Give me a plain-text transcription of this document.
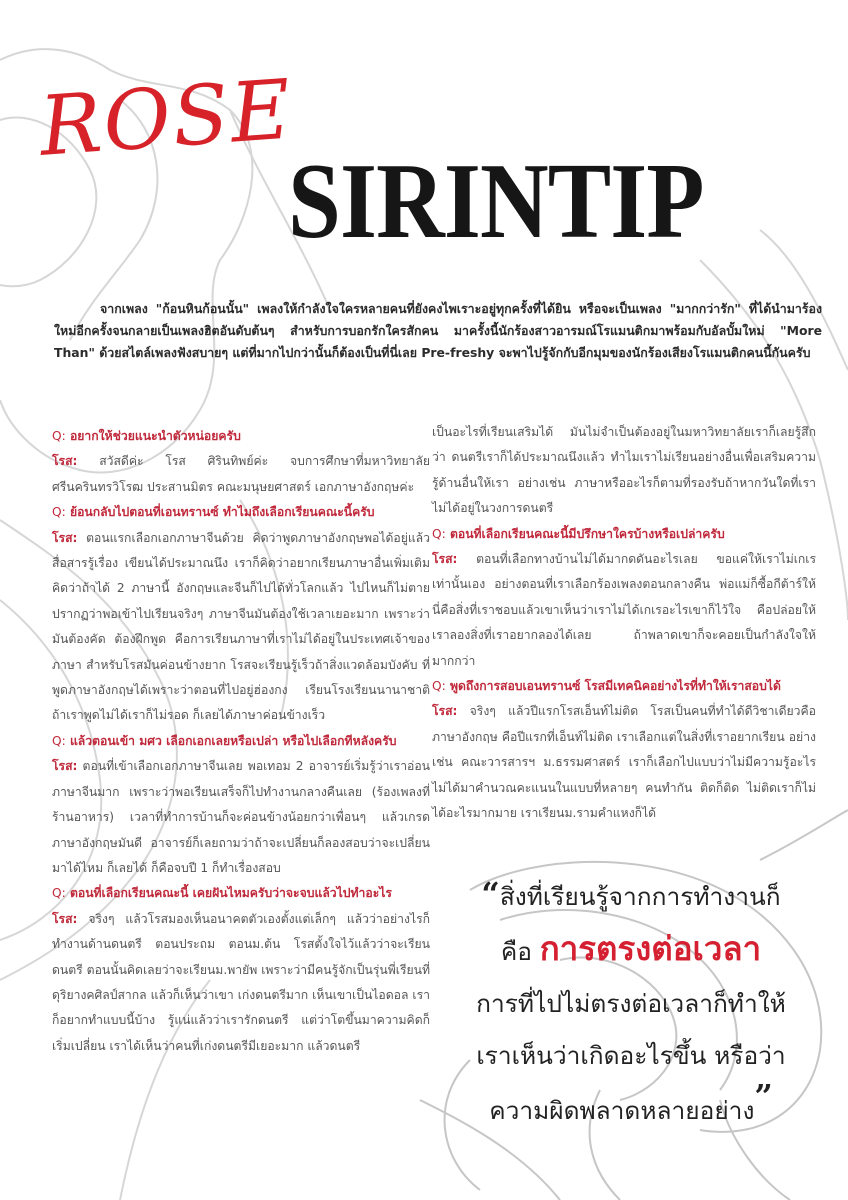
ROSE
SIRINTIP

จากเพลง "ก้อนหินก้อนนั้น" เพลงให้กำลังใจใครหลายคนที่ยังคงไพเราะอยู่ทุกครั้งที่ได้ยิน หรือจะเป็นเพลง "มากกว่ารัก" ที่ได้นำมาร้องใหม่อีกครั้งจนกลายเป็นเพลงฮิตอันดับต้นๆ สำหรับการบอกรักใครสักคน มาครั้งนี้นักร้องสาวอารมณ์โรแมนติกมาพร้อมกับอัลบั้มใหม่ "More Than" ด้วยสไตล์เพลงฟังสบายๆ แต่ที่มากไปกว่านั้นก็ต้องเป็นที่นี่เลย Pre-freshy จะพาไปรู้จักกับอีกมุมของนักร้องเสียงโรแมนติกคนนี้กันครับ

Q: อยากให้ช่วยแนะนำตัวหน่อยครับ
โรส: สวัสดีค่ะ โรส ศิรินทิพย์ค่ะ จบการศึกษาที่มหาวิทยาลัยศรีนครินทรวิโรฒ ประสานมิตร คณะมนุษยศาสตร์ เอกภาษาอังกฤษค่ะ
Q: ย้อนกลับไปตอนที่เอนทรานซ์ ทำไมถึงเลือกเรียนคณะนี้ครับ
โรส: ตอนแรกเลือกเอกภาษาจีนด้วย คิดว่าพูดภาษาอังกฤษพอได้อยู่แล้ว สื่อสารรู้เรื่อง เขียนได้ประมาณนึง เราก็คิดว่าอยากเรียนภาษาอื่นเพิ่มเติม คิดว่าถ้าได้ 2 ภาษานี้ อังกฤษและจีนก็ไปได้ทั่วโลกแล้ว ไปไหนก็ไม่ตาย ปรากฏว่าพอเข้าไปเรียนจริงๆ ภาษาจีนมันต้องใช้เวลาเยอะมาก เพราะว่ามันต้องคัด ต้องฝึกพูด คือการเรียนภาษาที่เราไม่ได้อยู่ในประเทศเจ้าของภาษา สำหรับโรสมันค่อนข้างยาก โรสจะเรียนรู้เร็วถ้าสิ่งแวดล้อมบังคับ ที่พูดภาษาอังกฤษได้เพราะว่าตอนที่ไปอยู่ฮ่องกง เรียนโรงเรียนนานาชาติ ถ้าเราพูดไม่ได้เราก็ไม่รอด ก็เลยได้ภาษาค่อนข้างเร็ว
Q: แล้วตอนเข้า มศว เลือกเอกเลยหรือเปล่า หรือไปเลือกทีหลังครับ
โรส: ตอนที่เข้าเลือกเอกภาษาจีนเลย พอเทอม 2 อาจารย์เริ่มรู้ว่าเราอ่อนภาษาจีนมาก เพราะว่าพอเรียนเสร็จก็ไปทำงานกลางคืนเลย (ร้องเพลงที่ร้านอาหาร) เวลาที่ทำการบ้านก็จะค่อนข้างน้อยกว่าเพื่อนๆ แล้วเกรดภาษาอังกฤษมันดี อาจารย์ก็เลยถามว่าถ้าจะเปลี่ยนก็ลองสอบว่าจะเปลี่ยนมาได้ไหม ก็เลยได้ ก็คือจบปี 1 ก็ทำเรื่องสอบ
Q: ตอนที่เลือกเรียนคณะนี้ เคยฝันไหมครับว่าจะจบแล้วไปทำอะไร
โรส: จริงๆ แล้วโรสมองเห็นอนาคตตัวเองตั้งแต่เล็กๆ แล้วว่าอย่างไรก็ทำงานด้านดนตรี ตอนประถม ตอนม.ต้น โรสตั้งใจไว้แล้วว่าจะเรียนดนตรี ตอนนั้นคิดเลยว่าจะเรียนม.พายัพ เพราะว่ามีคนรู้จักเป็นรุ่นพี่เรียนที่ดุริยางคศิลป์สากล แล้วก็เห็นว่าเขา เก่งดนตรีมาก เห็นเขาเป็นไอดอล เราก็อยากทำแบบนี้บ้าง รู้แน่แล้วว่าเรารักดนตรี แต่ว่าโตขึ้นมาความคิดก็เริ่มเปลี่ยน เราได้เห็นว่าคนที่เก่งดนตรีมีเยอะมาก แล้วดนตรี
เป็นอะไรที่เรียนเสริมได้ มันไม่จำเป็นต้องอยู่ในมหาวิทยาลัยเราก็เลยรู้สึกว่า ดนตรีเราก็ได้ประมาณนึงแล้ว ทำไมเราไม่เรียนอย่างอื่นเพื่อเสริมความรู้ด้านอื่นให้เรา อย่างเช่น ภาษาหรืออะไรก็ตามที่รองรับถ้าหากวันใดที่เราไม่ได้อยู่ในวงการดนตรี
Q: ตอนที่เลือกเรียนคณะนี้มีปรึกษาใครบ้างหรือเปล่าครับ
โรส: ตอนที่เลือกทางบ้านไม่ได้มากดดันอะไรเลย ขอแค่ให้เราไม่เกเรเท่านั้นเอง อย่างตอนที่เราเลือกร้องเพลงตอนกลางคืน พ่อแม่ก็ซื้อกีต้าร์ให้ นี่คือสิ่งที่เราชอบแล้วเขาเห็นว่าเราไม่ได้เกเรอะไรเขาก็ไว้ใจ คือปล่อยให้เราลองสิ่งที่เราอยากลองได้เลย ถ้าพลาดเขาก็จะคอยเป็นกำลังใจให้มากกว่า
Q: พูดถึงการสอบเอนทรานซ์ โรสมีเทคนิคอย่างไรที่ทำให้เราสอบได้
โรส: จริงๆ แล้วปีแรกโรสเอ็นท์ไม่ติด โรสเป็นคนที่ทำได้ดีวิชาเดียวคือภาษาอังกฤษ คือปีแรกที่เอ็นท์ไม่ติด เราเลือกแต่ในสิ่งที่เราอยากเรียน อย่างเช่น คณะวารสารฯ ม.ธรรมศาสตร์ เราก็เลือกไปแบบว่าไม่มีความรู้อะไร ไม่ได้มาคำนวณคะแนนในแบบที่หลายๆ คนทำกัน ติดก็ติด ไม่ติดเราก็ไม่ได้อะไรมากมาย เราเรียนม.รามคำแหงก็ได้
“สิ่งที่เรียนรู้จากการทำงานก็
คือ การตรงต่อเวลา
การที่ไปไม่ตรงต่อเวลาก็ทำให้
เราเห็นว่าเกิดอะไรขึ้น หรือว่า
ความผิดพลาดหลายอย่าง”
